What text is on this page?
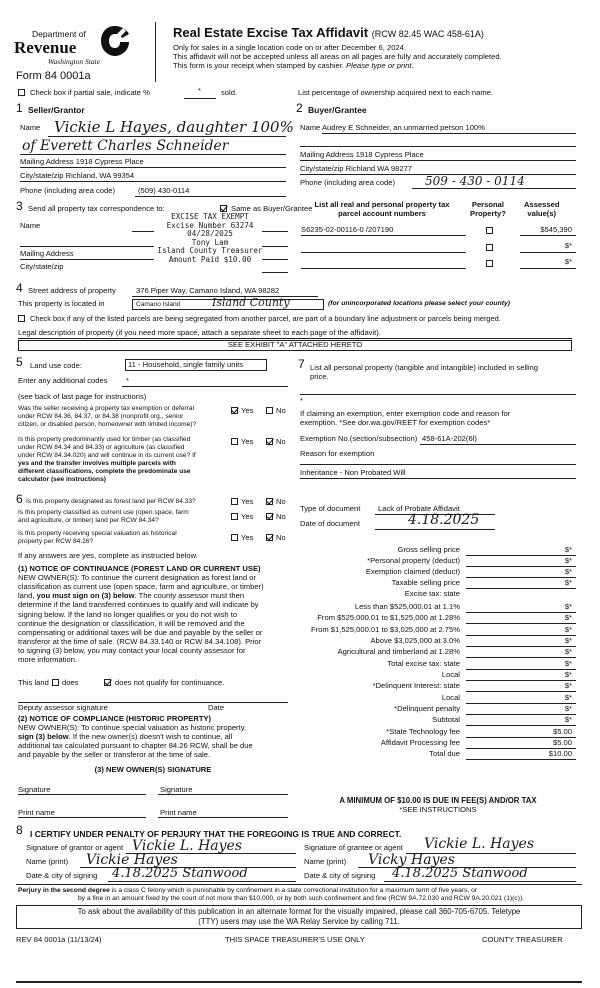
Department of
Revenue
Washington State
Form 84 0001a
Real Estate Excise Tax Affidavit (RCW 82.45 WAC 458-61A)
Only for sales in a single location code on or after December 6, 2024.
This affidavit will not be accepted unless all areas on all pages are fully and accurately completed.
This form is your receipt when stamped by cashier. Please type or print.
Check box if partial sale, indicate %	*	sold.	List percentage of ownership acquired next to each name.
1 Seller/Grantor
Name Vickie L Hayes, daughter 100%
of Everett Charles Schneider
Mailing Address 1918 Cypress Place
City/state/zip Richland, WA 99354
Phone (including area code)	(509) 430-0114
2 Buyer/Grantee
Name Audrey E Schneider, an unmarried person 100%
Mailing Address 1918 Cypress Place
City/state/zip Richland WA 98277
Phone (including area code)	509 - 430 - 0114
3 Send all property tax correspondence to:	Same as Buyer/Grantee
Name
Mailing Address
City/state/zip
EXCISE TAX EXEMPT
Excise Number 63274
04/28/2025
Tony Lam
Island County Treasurer
Amount Paid $10.00
List all real and personal property tax
parcel account numbers
Personal
Property?
Assessed
value(s)
S6235-02-00116-0 /207190	$545,390
$*
$*
4 Street address of property	376 Piper Way, Camano Island, WA 98282
This property is located in	Camano Island	Island County	(for unincorporated locations please select your county)
Check box if any of the listed parcels are being segregated from another parcel, are part of a boundary line adjustment or parcels being merged.
Legal description of property (if you need more space, attach a separate sheet to each page of the affidavit).
SEE EXHIBIT "A" ATTACHED HERETO
5 Land use code:	11 - Household, single family units
Enter any additional codes *
(see back of last page for instructions)
Was the seller receiving a property tax exemption or deferral
under RCW 84.36, 84.37, or 84.38 (nonprofit org., senior
citizen, or disabled person, homeowner with limited income)?
Yes	No
Is this property predominantly used for timber (as classified
under RCW 84.34 and 84.33) or agriculture (as classified
under RCW 84.34.020) and will continue in its current use? If
yes and the transfer involves multiple parcels with
different classifications, complete the predominate use
calculator (see instructions)
Yes	No
6 Is this property designated as forest land per RCW 84.33?	Yes	No
Is this property classified as current use (open space, farm
and agriculture, or timber) land per RCW 84.34?	Yes	No
Is this property receiving special valuation as historical
property per RCW 84.26?	Yes	No
If any answers are yes, complete as instructed below.
(1) NOTICE OF CONTINUANCE (FOREST LAND OR CURRENT USE)
NEW OWNER(S): To continue the current designation as forest land or
classification as current use (open space, farm and agriculture, or timber)
land, you must sign on (3) below. The county assessor must then
determine if the land transferred continues to qualify and will indicate by
signing below. If the land no longer qualifies or you do not wish to
continue the designation or classification, it will be removed and the
compensating or additional taxes will be due and payable by the seller or
transferor at the time of sale. (RCW 84.33.140 or RCW 84.34.108). Prior
to signing (3) below, you may contact your local county assessor for
more information.
This land does	does not qualify for continuance.
Deputy assessor signature	Date
(2) NOTICE OF COMPLIANCE (HISTORIC PROPERTY)
NEW OWNER(S): To continue special valuation as historic property,
sign (3) below. If the new owner(s) doesn't wish to continue, all
additional tax calculated pursuant to chapter 84.26 RCW, shall be due
and payable by the seller or transferor at the time of sale.
(3) NEW OWNER(S) SIGNATURE
Signature	Signature
Print name	Print name
7 List all personal property (tangible and intangible) included in selling
price.
*
If claiming an exemption, enter exemption code and reason for
exemption. *See dor.wa.gov/REET for exemption codes*
Exemption No.(section/subsection) 458-61A-202(6l)
Reason for exemption
Inheritance - Non Probated Will
Type of document Lack of Probate Affidavit
Date of document	4.18.2025
Gross selling price	$*
*Personal property (deduct)	$*
Exemption claimed (deduct)	$*
Taxable selling price	$*
Excise tax: state
Less than $525,000.01 at 1.1%	$*
From $525,000.01 to $1,525,000 at 1.28%	$*
From $1,525,000.01 to $3,025,000 at 2.75%	$*
Above $3,025,000 at 3.0%	$*
Agricultural and timberland at 1.28%	$*
Total excise tax: state	$*
Local	$*
*Delinquent Interest: state	$*
Local	$*
*Delinquent penalty	$*
Subtotal	$*
*State Technology fee	$5.00
Affidavit Processing fee	$5.00
Total due	$10.00
A MINIMUM OF $10.00 IS DUE IN FEE(S) AND/OR TAX
*SEE INSTRUCTIONS
8 I CERTIFY UNDER PENALTY OF PERJURY THAT THE FOREGOING IS TRUE AND CORRECT.
Signature of grantor or agent Vickie L. Hayes
Name (print) Vickie Hayes
Date & city of signing 4.18.2025 Stanwood
Signature of grantee or agent Vickie L. Hayes
Name (print) Vicky Hayes
Date & city of signing 4.18.2025 Stanwood
Perjury in the second degree is a class C felony which is punishable by confinement in a state correctional institution for a maximum term of five years, or
by a fine in an amount fixed by the court of not more than $10,000, or by both such confinement and fine (RCW 9A.72.030 and RCW 9A.20.021 (1)(c)).
To ask about the availability of this publication in an alternate format for the visually impaired, please call 360-705-6705. Teletype
(TTY) users may use the WA Relay Service by calling 711.
REV 84 0001a (11/13/24)	THIS SPACE TREASURER'S USE ONLY	COUNTY TREASURER
